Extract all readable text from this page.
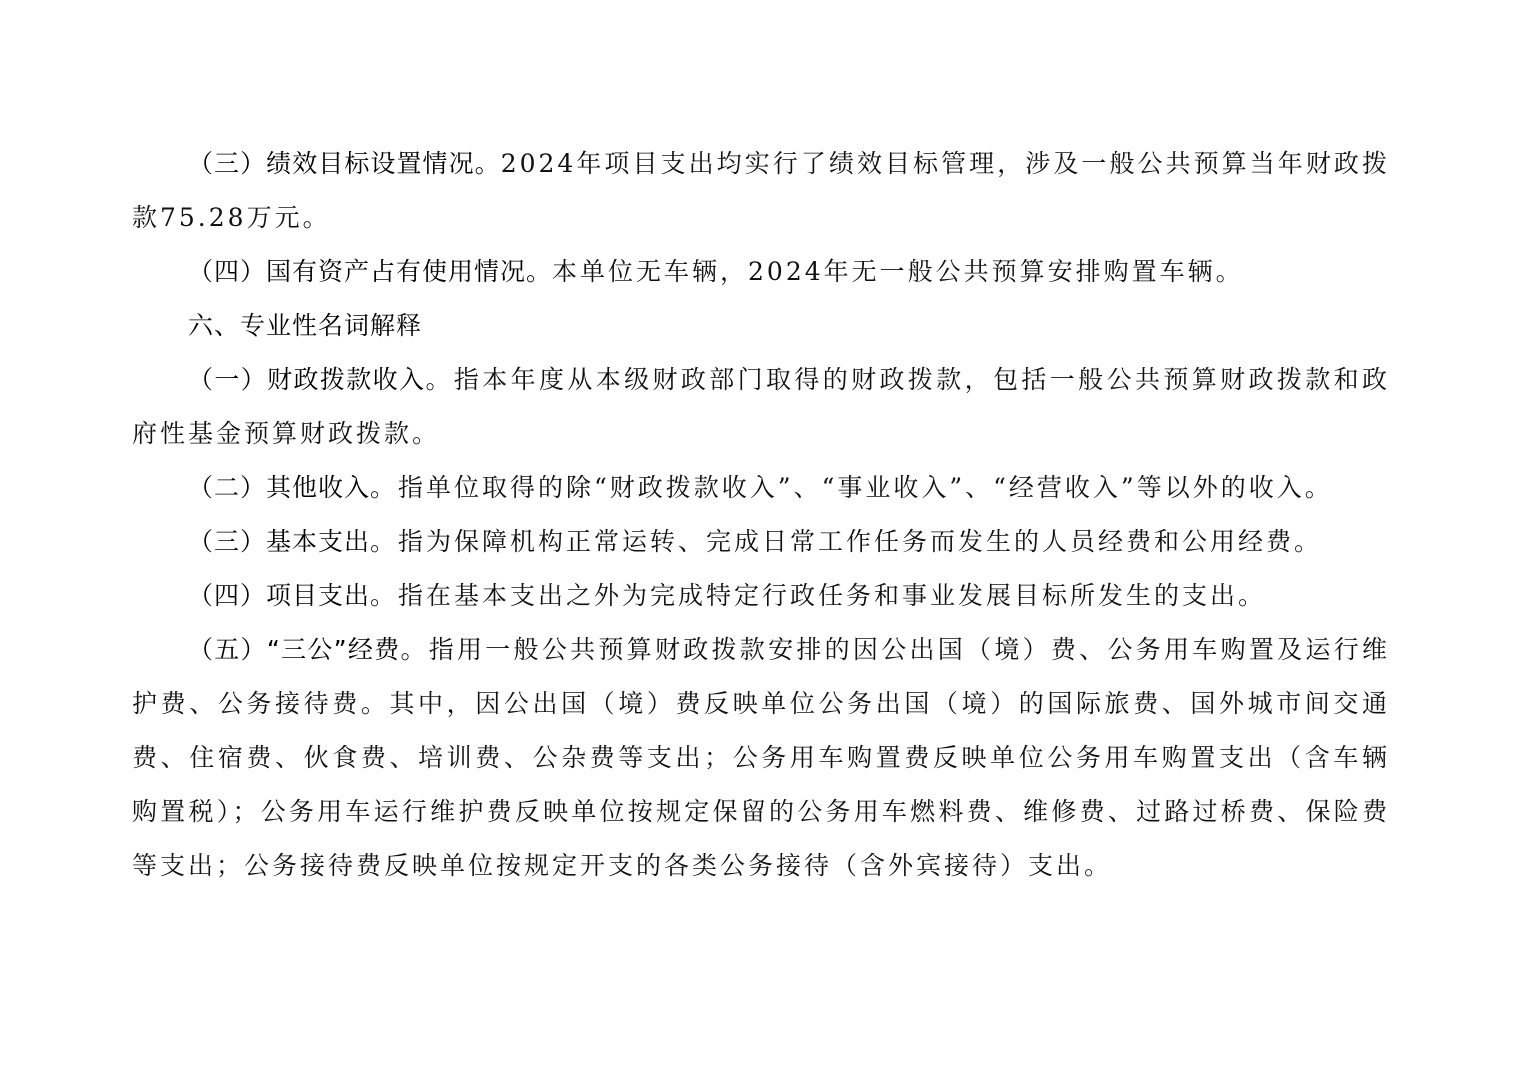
（三）绩效目标设置情况。2024年项目支出均实行了绩效目标管理，涉及一般公共预算当年财政拨款75.28万元。

（四）国有资产占有使用情况。本单位无车辆，2024年无一般公共预算安排购置车辆。

六、专业性名词解释

（一）财政拨款收入。指本年度从本级财政部门取得的财政拨款，包括一般公共预算财政拨款和政府性基金预算财政拨款。

（二）其他收入。指单位取得的除“财政拨款收入”、“事业收入”、“经营收入”等以外的收入。

（三）基本支出。指为保障机构正常运转、完成日常工作任务而发生的人员经费和公用经费。

（四）项目支出。指在基本支出之外为完成特定行政任务和事业发展目标所发生的支出。

（五）“三公”经费。指用一般公共预算财政拨款安排的因公出国（境）费、公务用车购置及运行维护费、公务接待费。其中，因公出国（境）费反映单位公务出国（境）的国际旅费、国外城市间交通费、住宿费、伙食费、培训费、公杂费等支出；公务用车购置费反映单位公务用车购置支出（含车辆购置税）；公务用车运行维护费反映单位按规定保留的公务用车燃料费、维修费、过路过桥费、保险费等支出；公务接待费反映单位按规定开支的各类公务接待（含外宾接待）支出。
